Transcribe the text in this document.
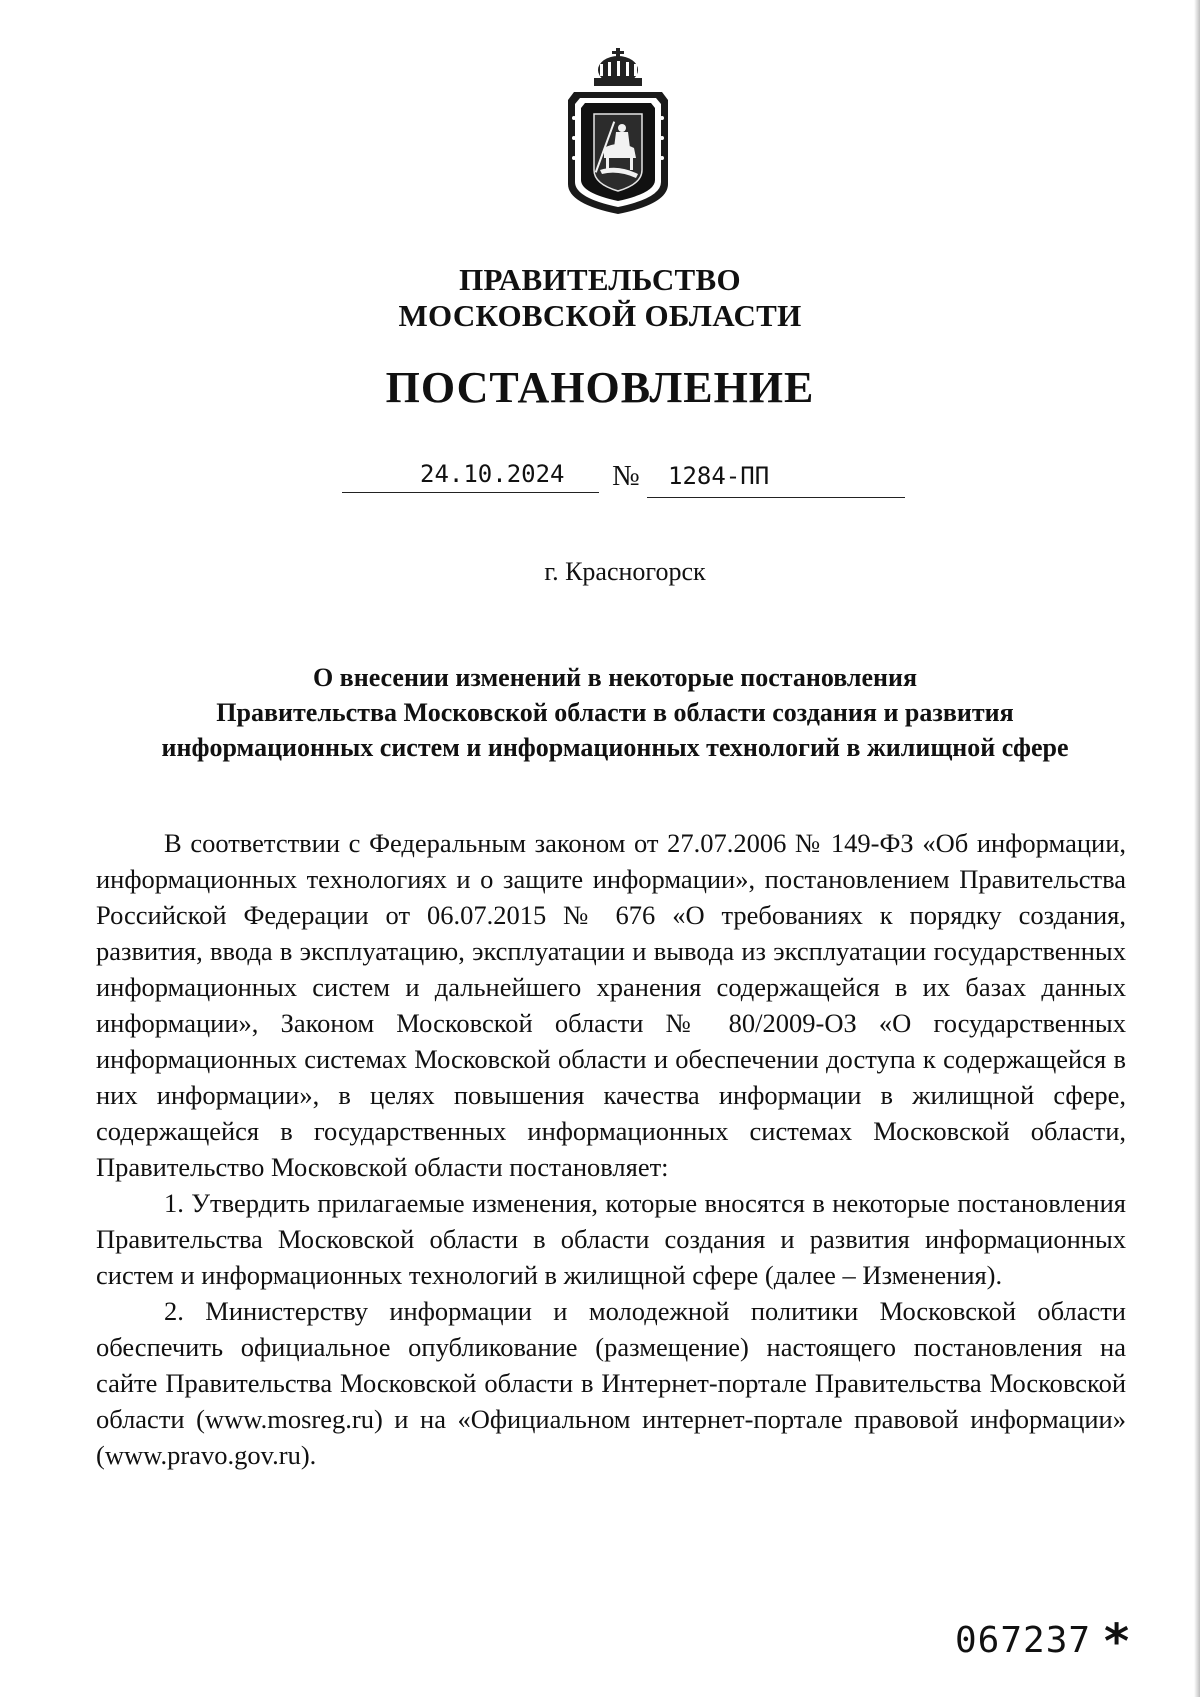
ПРАВИТЕЛЬСТВО
МОСКОВСКОЙ ОБЛАСТИ
ПОСТАНОВЛЕНИЕ
24.10.2024 № 1284-ПП
г. Красногорск
О внесении изменений в некоторые постановления
Правительства Московской области в области создания и развития
информационных систем и информационных технологий в жилищной сфере

В соответствии с Федеральным законом от 27.07.2006 № 149-ФЗ «Об информации, информационных технологиях и о защите информации», постановлением Правительства Российской Федерации от 06.07.2015 № 676 «О требованиях к порядку создания, развития, ввода в эксплуатацию, эксплуатации и вывода из эксплуатации государственных информационных систем и дальнейшего хранения содержащейся в их базах данных информации», Законом Московской области № 80/2009-ОЗ «О государственных информационных системах Московской области и обеспечении доступа к содержащейся в них информации», в целях повышения качества информации в жилищной сфере, содержащейся в государственных информационных системах Московской области, Правительство Московской области постановляет:

1. Утвердить прилагаемые изменения, которые вносятся в некоторые постановления Правительства Московской области в области создания и развития информационных систем и информационных технологий в жилищной сфере (далее – Изменения).

2. Министерству информации и молодежной политики Московской области обеспечить официальное опубликование (размещение) настоящего постановления на сайте Правительства Московской области в Интернет-портале Правительства Московской области (www.mosreg.ru) и на «Официальном интернет-портале правовой информации» (www.pravo.gov.ru).

067237 *
